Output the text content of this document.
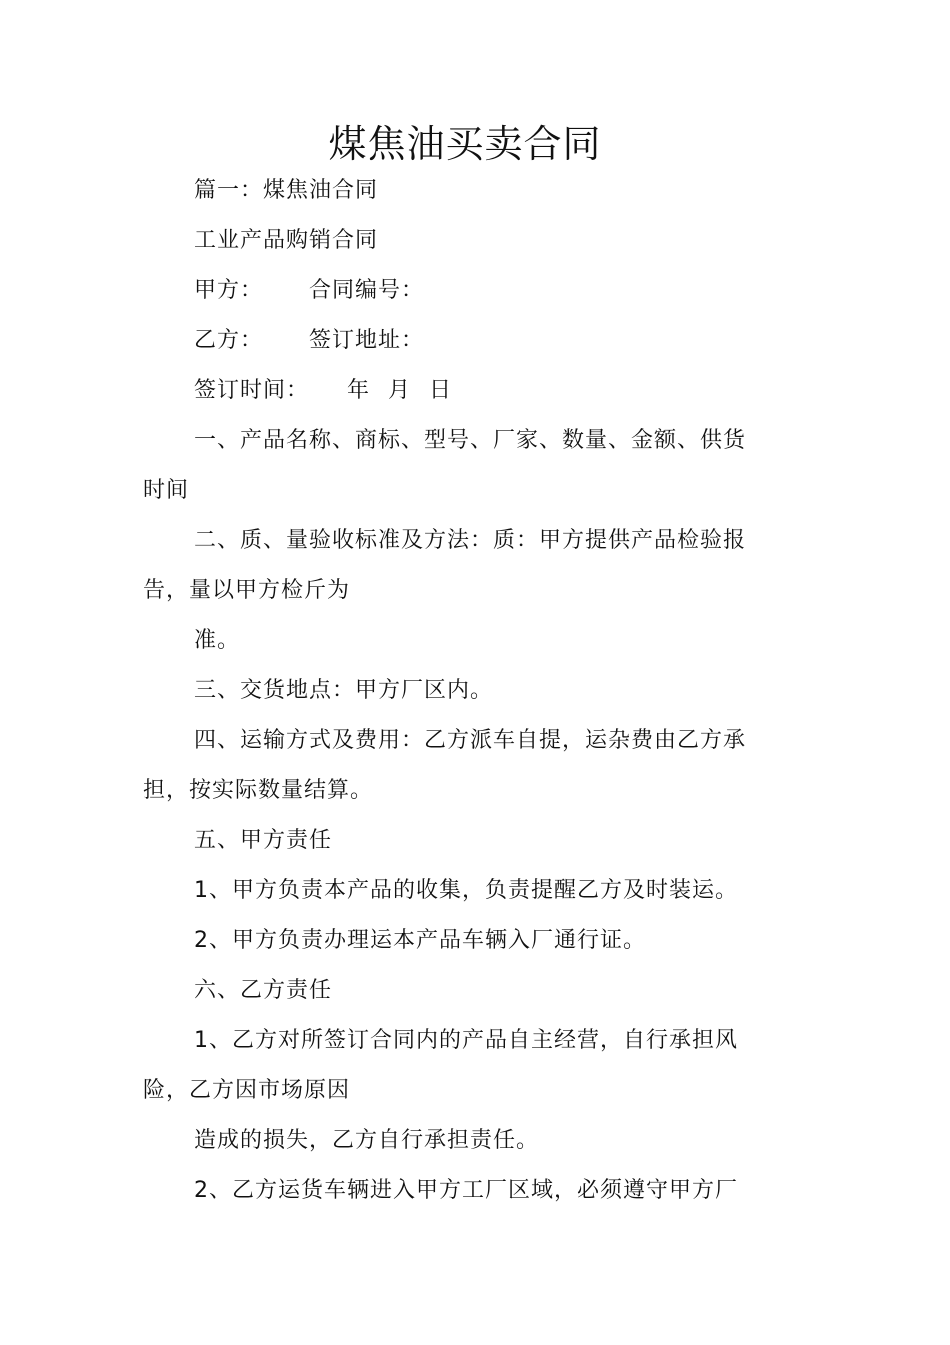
煤焦油买卖合同
篇一：煤焦油合同
工业产品购销合同
甲方： 合同编号：
乙方： 签订地址：
签订时间： 年 月 日
一、产品名称、商标、型号、厂家、数量、金额、供货
时间
二、质、量验收标准及方法：质：甲方提供产品检验报
告，量以甲方检斤为
准。
三、交货地点：甲方厂区内。
四、运输方式及费用：乙方派车自提，运杂费由乙方承
担，按实际数量结算。
五、甲方责任
1、甲方负责本产品的收集，负责提醒乙方及时装运。
2、甲方负责办理运本产品车辆入厂通行证。
六、乙方责任
1、乙方对所签订合同内的产品自主经营，自行承担风
险，乙方因市场原因
造成的损失，乙方自行承担责任。
2、乙方运货车辆进入甲方工厂区域，必须遵守甲方厂
